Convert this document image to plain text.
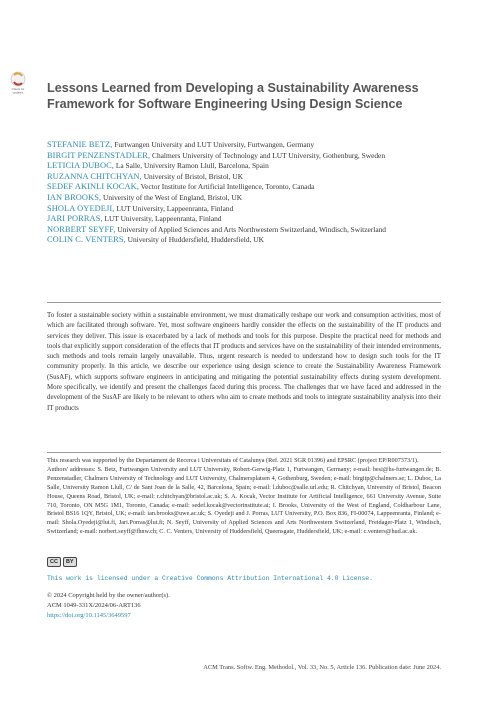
Check for
updates Lessons Learned from Developing a Sustainability Awareness Framework for Software Engineering Using Design Science

STEFANIE BETZ, Furtwangen University and LUT University, Furtwangen, Germany

BIRGIT PENZENSTADLER, Chalmers University of Technology and LUT University, Gothenburg, Sweden

LETICIA DUBOC, La Salle, University Ramon Llull, Barcelona, Spain

RUZANNA CHITCHYAN, University of Bristol, Bristol, UK

SEDEF AKINLI KOCAK, Vector Institute for Artificial Intelligence, Toronto, Canada

IAN BROOKS, University of the West of England, Bristol, UK

SHOLA OYEDEJI, LUT University, Lappeenranta, Finland

JARI PORRAS, LUT University, Lappeenranta, Finland

NORBERT SEYFF, University of Applied Sciences and Arts Northwestern Switzerland, Windisch, Switzerland

COLIN C. VENTERS, University of Huddersfield, Huddersfield, UK

To foster a sustainable society within a sustainable environment, we must dramatically reshape our work and consumption activities, most of which are facilitated through software. Yet, most software engineers hardly consider the effects on the sustainability of the IT products and services they deliver. This issue is exacerbated by a lack of methods and tools for this purpose. Despite the practical need for methods and tools that explicitly support consideration of the effects that IT products and services have on the sustainability of their intended environments, such methods and tools remain largely unavailable. Thus, urgent research is needed to understand how to design such tools for the IT community properly. In this article, we describe our experience using design science to create the Sustainability Awareness Framework (SusAF), which supports software engineers in anticipating and mitigating the potential sustainability effects during system development. More specifically, we identify and present the challenges faced during this process. The challenges that we have faced and addressed in the development of the SusAF are likely to be relevant to others who aim to create methods and tools to integrate sustainability analysis into their IT products

This research was supported by the Departament de Recerca i Universitats of Catalunya (Ref. 2021 SGR 01396) and EPSRC (project EP/R007373/1).

Authors' addresses: S. Betz, Furtwangen University and LUT University, Robert-Gerwig-Platz 1, Furtwangen, Germany; e-mail: besi@hs-furtwangen.de; B. Penzenstadler, Chalmers University of Technology and LUT University, Chalmersplatsen 4, Gothenburg, Sweden; e-mail: birgitp@chalmers.se; L. Duboc, La Salle, University Ramon Llull, C/ de Sant Joan de la Salle, 42, Barcelona, Spain; e-mail: l.duboc@salle.url.edu; R. Chitchyan, University of Bristol, Beacon House, Queens Road, Bristol, UK; e-mail: r.chitchyan@bristol.ac.uk; S. A. Kocak, Vector Institute for Artificial Intelligence, 661 University Avenue, Suite 710, Toronto, ON M5G 1M1, Toronto, Canada; e-mail: sedef.kocak@vectorinstitute.ai; I. Brooks, University of the West of England, Coldharbour Lane, Bristol BS16 1QY, Bristol, UK; e-mail: ian.brooks@uwe.ac.uk; S. Oyedeji and J. Porras, LUT University, P.O. Box 836, FI-00074, Lappeenranta, Finland; e-mail: Shola.Oyedeji@lut.fi, Jari.Porras@lut.fi; N. Seyff, University of Applied Sciences and Arts Northwestern Switzerland, Freidager-Platz 1, Windisch, Switzerland; e-mail: norbert.seyff@fhnw.ch; C. C. Venters, University of Huddersfield, Queensgate, Huddersfield, UK; e-mail: c.venters@hud.ac.uk.

CC	BY
This work is licensed under a Creative Commons Attribution International 4.0 License.

© 2024 Copyright held by the owner/author(s).

ACM 1049-331X/2024/06-ART136

https://doi.org/10.1145/3649597

ACM Trans. Softw. Eng. Methodol., Vol. 33, No. 5, Article 136. Publication date: June 2024.
